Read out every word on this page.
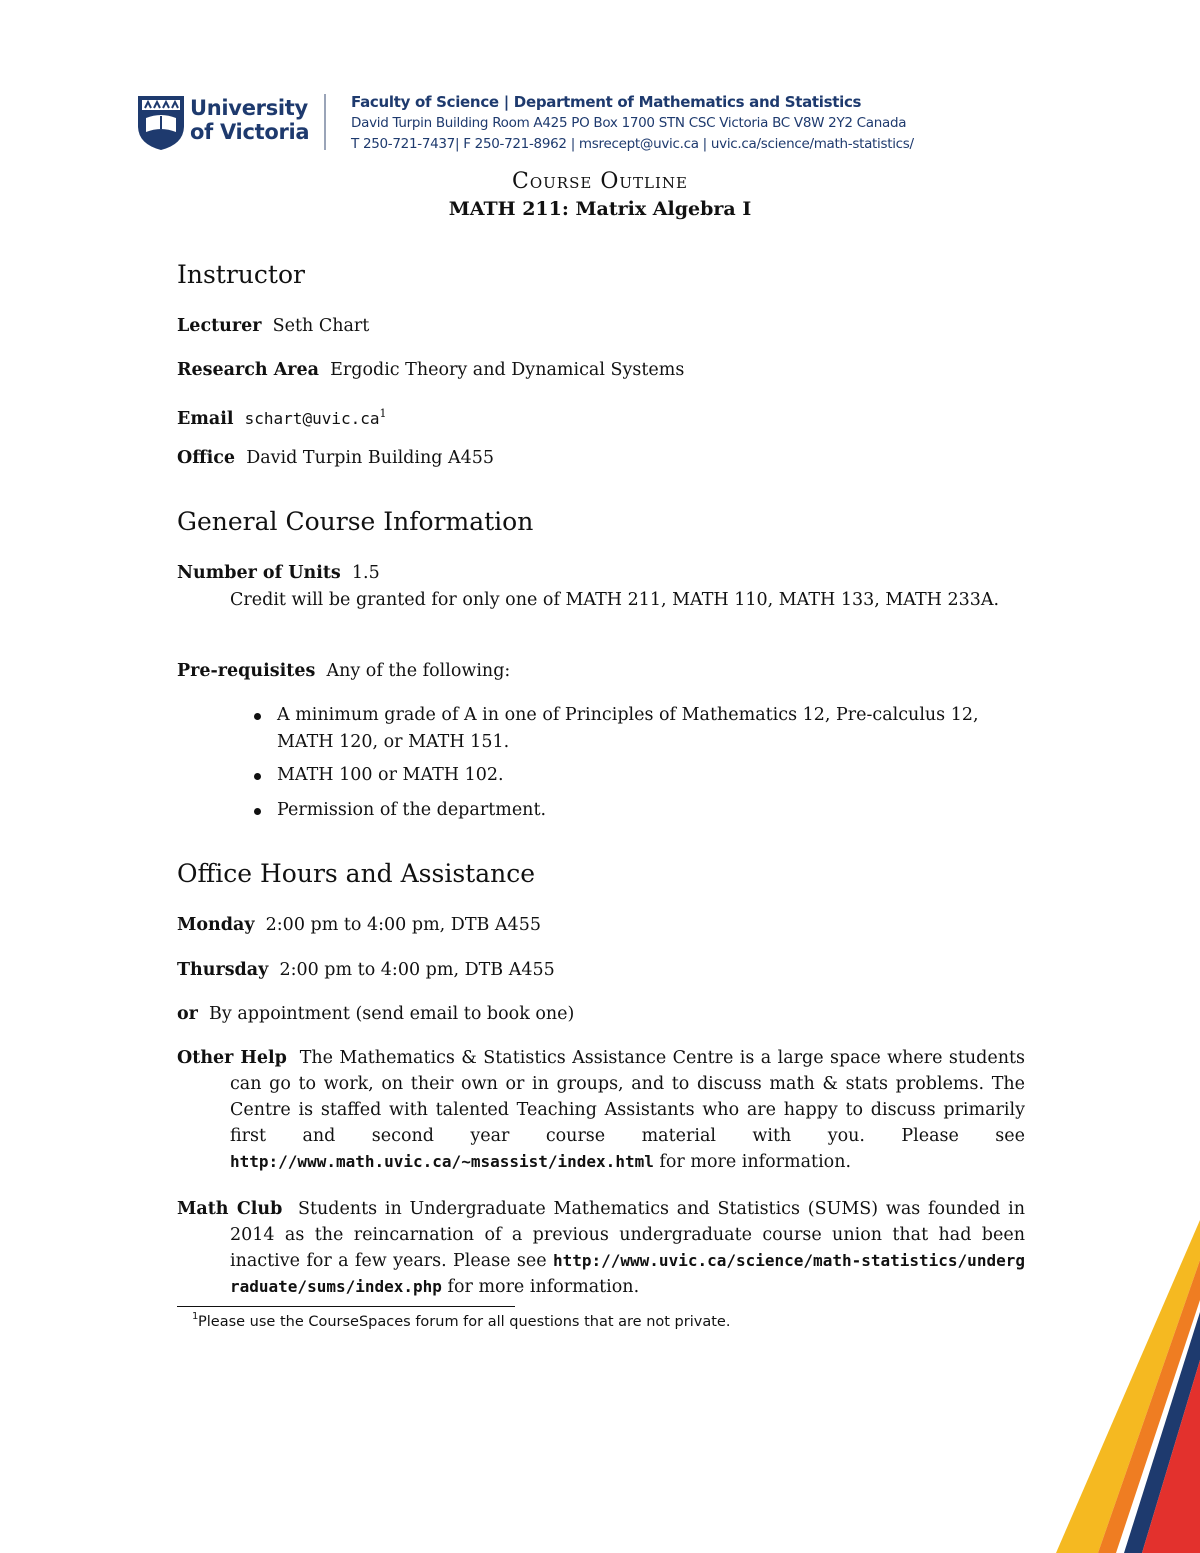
University
of Victoria
Faculty of Science | Department of Mathematics and Statistics
David Turpin Building Room A425 PO Box 1700 STN CSC Victoria BC V8W 2Y2 Canada
T 250-721-7437| F 250-721-8962 | msrecept@uvic.ca | uvic.ca/science/math-statistics/
Course Outline
MATH 211: Matrix Algebra I
Instructor
Lecturer Seth Chart
Research Area Ergodic Theory and Dynamical Systems
Email $schart@uvic.ca^1$
Office David Turpin Building A455
General Course Information
Number of Units 1.5
Credit will be granted for only one of MATH 211, MATH 110, MATH 133, MATH 233A.
Pre-requisites Any of the following:
A minimum grade of A in one of Principles of Mathematics 12, Pre-calculus 12, MATH 120, or MATH 151.
MATH 100 or MATH 102.
Permission of the department.
Office Hours and Assistance
Monday 2:00 pm to 4:00 pm, DTB A455
Thursday 2:00 pm to 4:00 pm, DTB A455
or By appointment (send email to book one)
Other Help The Mathematics & Statistics Assistance Centre is a large space where students can go to work, on their own or in groups, and to discuss math & stats problems. The Centre is staffed with talented Teaching Assistants who are happy to discuss primarily first and second year course material with you. Please see http://www.math.uvic.ca/~msassist/index.html for more information.
Math Club Students in Undergraduate Mathematics and Statistics (SUMS) was founded in 2014 as the reincarnation of a previous undergraduate course union that had been inactive for a few years. Please see http://www.uvic.ca/science/math-statistics/undergraduate/sums/index.php for more information.
1 Please use the CourseSpaces forum for all questions that are not private.
